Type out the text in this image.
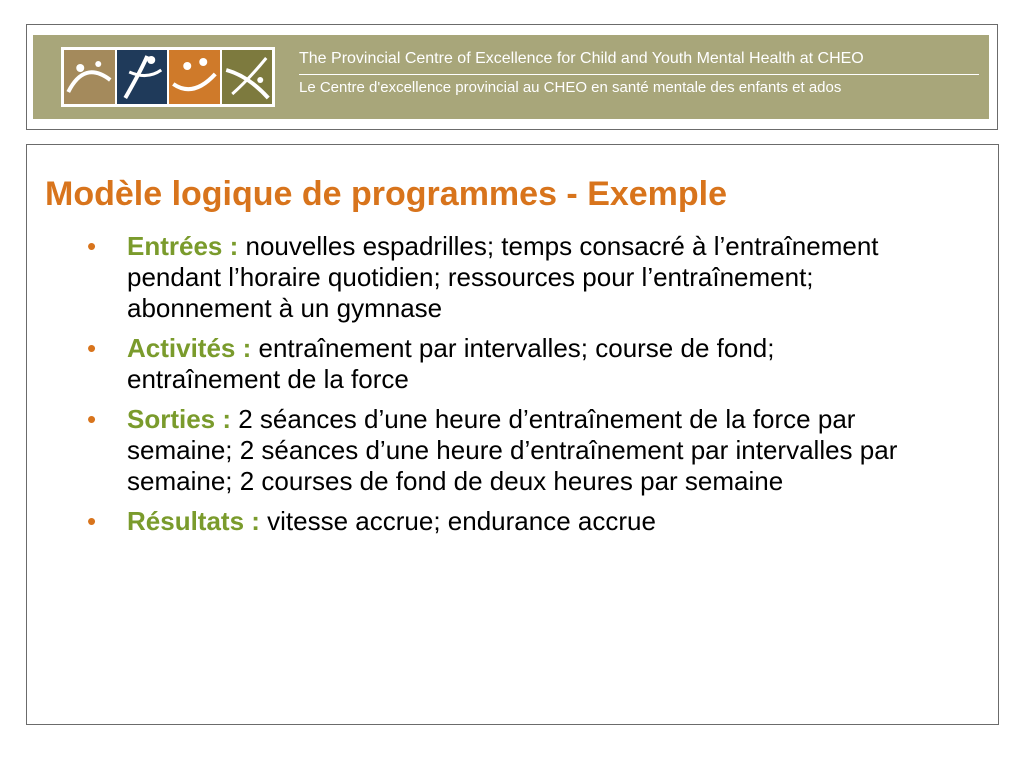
The Provincial Centre of Excellence for Child and Youth Mental Health at CHEO
Le Centre d'excellence provincial au CHEO en santé mentale des enfants et ados
Modèle logique de programmes - Exemple
• Entrées : nouvelles espadrilles; temps consacré à l’entraînement pendant l’horaire quotidien; ressources pour l’entraînement; abonnement à un gymnase
• Activités : entraînement par intervalles; course de fond; entraînement de la force
• Sorties : 2 séances d’une heure d’entraînement de la force par semaine; 2 séances d’une heure d’entraînement par intervalles par semaine; 2 courses de fond de deux heures par semaine
• Résultats : vitesse accrue; endurance accrue
